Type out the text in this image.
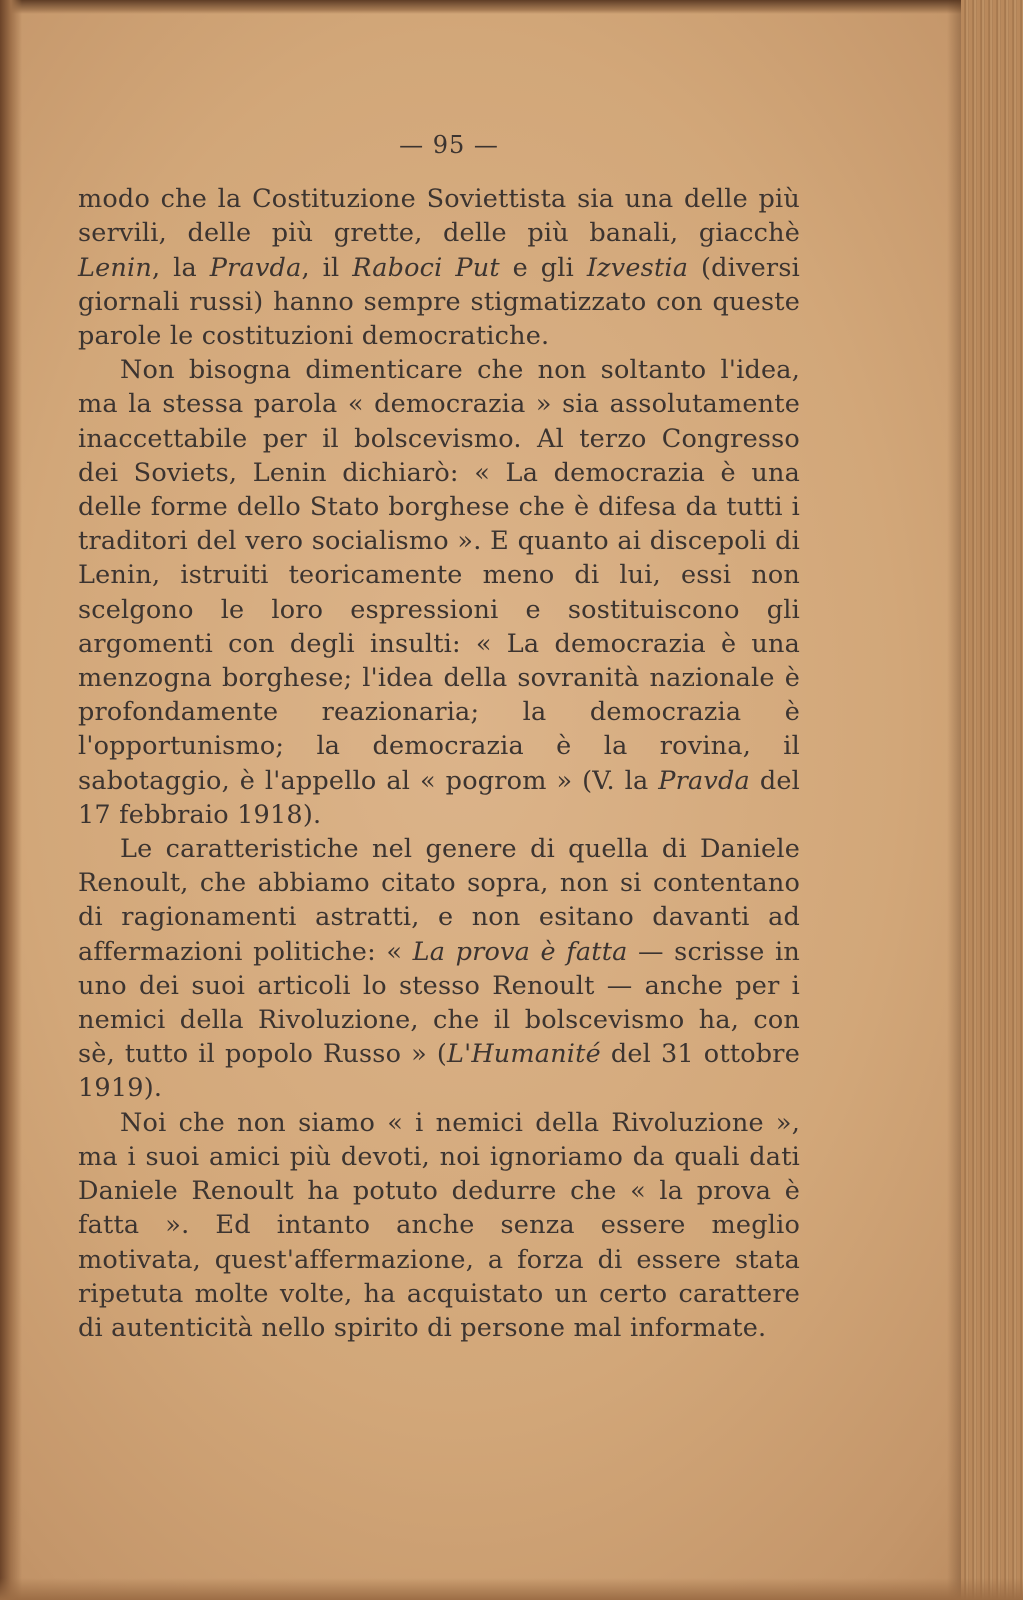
— 95 —

modo che la Costituzione Soviettista sia una delle più servili, delle più grette, delle più banali, giacchè Lenin, la Pravda, il Raboci Put e gli Izvestia (diversi giornali russi) hanno sempre stigmatizzato con queste parole le costituzioni democratiche.

Non bisogna dimenticare che non soltanto l'idea, ma la stessa parola « democrazia » sia assolutamente inaccettabile per il bolscevismo. Al terzo Congresso dei Soviets, Lenin dichiarò: « La democrazia è una delle forme dello Stato borghese che è difesa da tutti i traditori del vero socialismo ». E quanto ai discepoli di Lenin, istruiti teoricamente meno di lui, essi non scelgono le loro espressioni e sostituiscono gli argomenti con degli insulti: « La democrazia è una menzogna borghese; l'idea della sovranità nazionale è profondamente reazionaria; la democrazia è l'opportunismo; la democrazia è la rovina, il sabotaggio, è l'appello al « pogrom » (V. la Pravda del 17 febbraio 1918).

Le caratteristiche nel genere di quella di Daniele Renoult, che abbiamo citato sopra, non si contentano di ragionamenti astratti, e non esitano davanti ad affermazioni politiche: « La prova è fatta — scrisse in uno dei suoi articoli lo stesso Renoult — anche per i nemici della Rivoluzione, che il bolscevismo ha, con sè, tutto il popolo Russo » (L'Humanité del 31 ottobre 1919).

Noi che non siamo « i nemici della Rivoluzione », ma i suoi amici più devoti, noi ignoriamo da quali dati Daniele Renoult ha potuto dedurre che « la prova è fatta ». Ed intanto anche senza essere meglio motivata, quest'affermazione, a forza di essere stata ripetuta molte volte, ha acquistato un certo carattere di autenticità nello spirito di persone mal informate.
